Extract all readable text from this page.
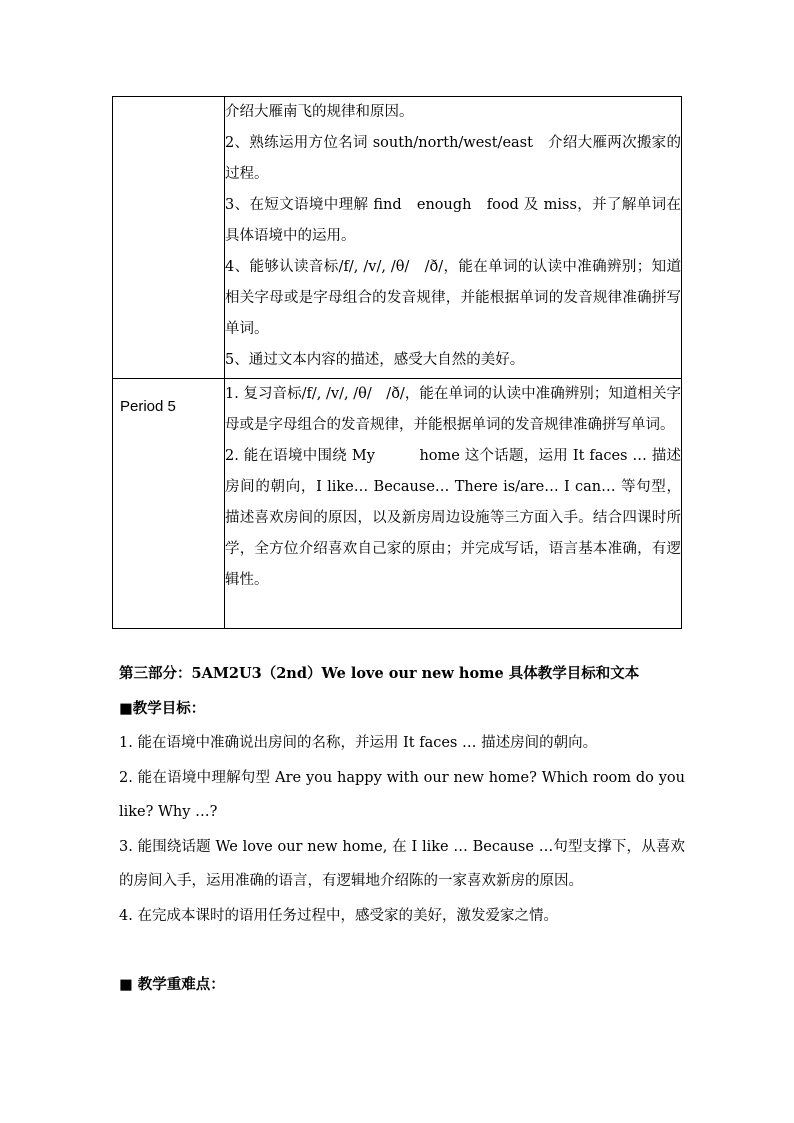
	介绍大雁南飞的规律和原因。

2、熟练运用方位名词 south/north/west/east　介绍大雁两次搬家的过程。

3、在短文语境中理解 find　enough　food 及 miss，并了解单词在具体语境中的运用。

4、能够认读音标/f/, /v/, /θ/　/ð/，能在单词的认读中准确辨别；知道相关字母或是字母组合的发音规律，并能根据单词的发音规律准确拼写单词。

5、通过文本内容的描述，感受大自然的美好。

Period 5	1. 复习音标/f/, /v/, /θ/　/ð/，能在单词的认读中准确辨别；知道相关字母或是字母组合的发音规律，并能根据单词的发音规律准确拼写单词。

2. 能在语境中围绕 My　　　home 这个话题，运用 It faces … 描述房间的朝向，I like… Because… There is/are… I can… 等句型，描述喜欢房间的原因，以及新房周边设施等三方面入手。结合四课时所学，全方位介绍喜欢自己家的原由；并完成写话，语言基本准确，有逻辑性。

第三部分：5AM2U3（2nd）We love our new home 具体教学目标和文本

■教学目标：

1. 能在语境中准确说出房间的名称，并运用 It faces … 描述房间的朝向。

2. 能在语境中理解句型 Are you happy with our new home? Which room do you like? Why …?

3. 能围绕话题 We love our new home, 在 I like … Because …句型支撑下，从喜欢的房间入手，运用准确的语言，有逻辑地介绍陈的一家喜欢新房的原因。

4. 在完成本课时的语用任务过程中，感受家的美好，激发爱家之情。

■ 教学重难点：
